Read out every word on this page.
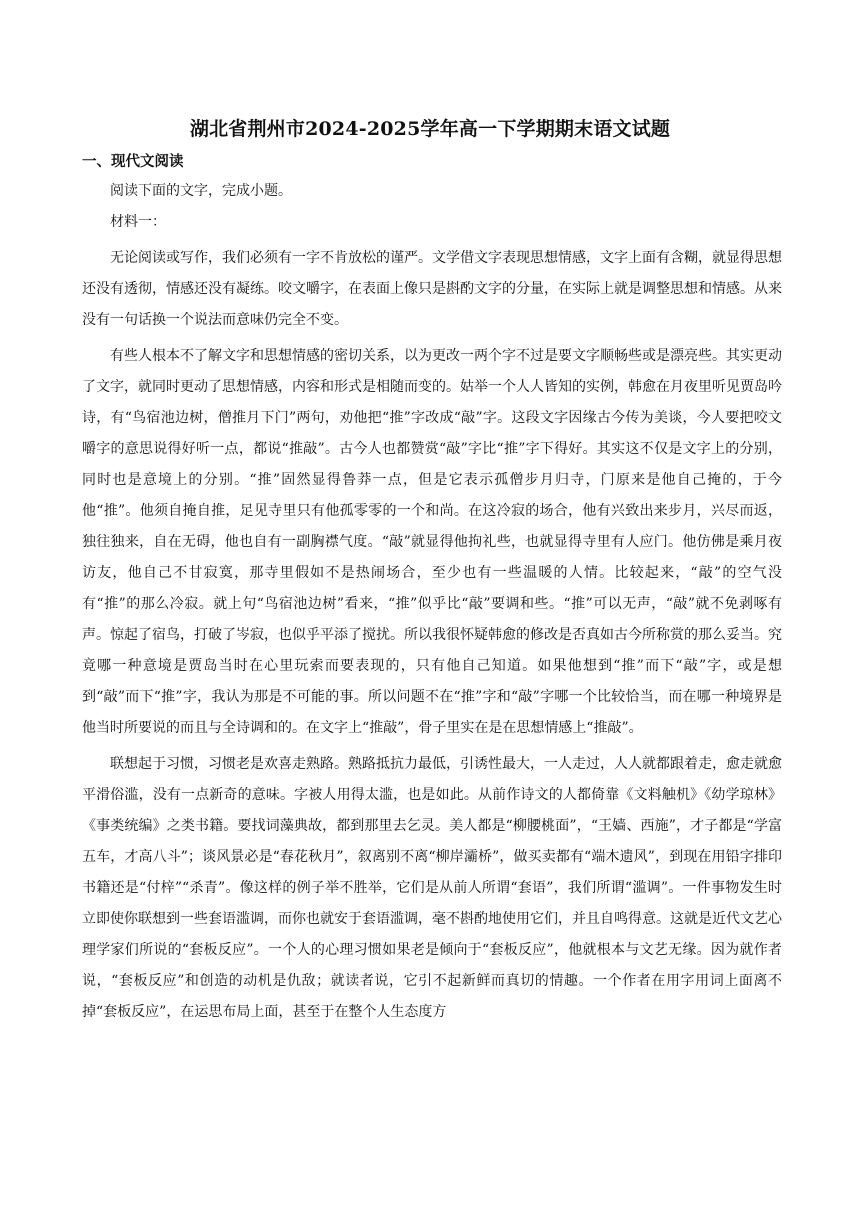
湖北省荆州市2024-2025学年高一下学期期末语文试题
一、现代文阅读

阅读下面的文字，完成小题。

材料一：

无论阅读或写作，我们必须有一字不肯放松的谨严。文学借文字表现思想情感，文字上面有含糊，就显得思想还没有透彻，情感还没有凝练。咬文嚼字，在表面上像只是斟酌文字的分量，在实际上就是调整思想和情感。从来没有一句话换一个说法而意味仍完全不变。

有些人根本不了解文字和思想情感的密切关系，以为更改一两个字不过是要文字顺畅些或是漂亮些。其实更动了文字，就同时更动了思想情感，内容和形式是相随而变的。姑举一个人人皆知的实例，韩愈在月夜里听见贾岛吟诗，有“鸟宿池边树，僧推月下门”两句，劝他把“推”字改成“敲”字。这段文字因缘古今传为美谈，今人要把咬文嚼字的意思说得好听一点，都说“推敲”。古今人也都赞赏“敲”字比“推”字下得好。其实这不仅是文字上的分别，同时也是意境上的分别。“推”固然显得鲁莽一点，但是它表示孤僧步月归寺，门原来是他自己掩的，于今他“推”。他须自掩自推，足见寺里只有他孤零零的一个和尚。在这冷寂的场合，他有兴致出来步月，兴尽而返，独往独来，自在无碍，他也自有一副胸襟气度。“敲”就显得他拘礼些，也就显得寺里有人应门。他仿佛是乘月夜访友，他自己不甘寂寞，那寺里假如不是热闹场合，至少也有一些温暖的人情。比较起来，“敲”的空气没有“推”的那么冷寂。就上句“鸟宿池边树”看来，“推”似乎比“敲”要调和些。“推”可以无声，“敲”就不免剥啄有声。惊起了宿鸟，打破了岑寂，也似乎平添了搅扰。所以我很怀疑韩愈的修改是否真如古今所称赏的那么妥当。究竟哪一种意境是贾岛当时在心里玩索而要表现的，只有他自己知道。如果他想到“推”而下“敲”字，或是想到“敲”而下“推”字，我认为那是不可能的事。所以问题不在“推”字和“敲”字哪一个比较恰当，而在哪一种境界是他当时所要说的而且与全诗调和的。在文字上“推敲”，骨子里实在是在思想情感上“推敲”。

联想起于习惯，习惯老是欢喜走熟路。熟路抵抗力最低，引诱性最大，一人走过，人人就都跟着走，愈走就愈平滑俗滥，没有一点新奇的意味。字被人用得太滥，也是如此。从前作诗文的人都倚靠《文料触机》《幼学琼林》《事类统编》之类书籍。要找词藻典故，都到那里去乞灵。美人都是“柳腰桃面”，“王嫱、西施”，才子都是“学富五车，才高八斗”；谈风景必是“春花秋月”，叙离别不离“柳岸灞桥”，做买卖都有“端木遗风”，到现在用铅字排印书籍还是“付梓”“杀青”。像这样的例子举不胜举，它们是从前人所谓“套语”，我们所谓“滥调”。一件事物发生时立即使你联想到一些套语滥调，而你也就安于套语滥调，毫不斟酌地使用它们，并且自鸣得意。这就是近代文艺心理学家们所说的“套板反应”。一个人的心理习惯如果老是倾向于“套板反应”，他就根本与文艺无缘。因为就作者说，“套板反应”和创造的动机是仇敌；就读者说，它引不起新鲜而真切的情趣。一个作者在用字用词上面离不掉“套板反应”，在运思布局上面，甚至于在整个人生态度方
